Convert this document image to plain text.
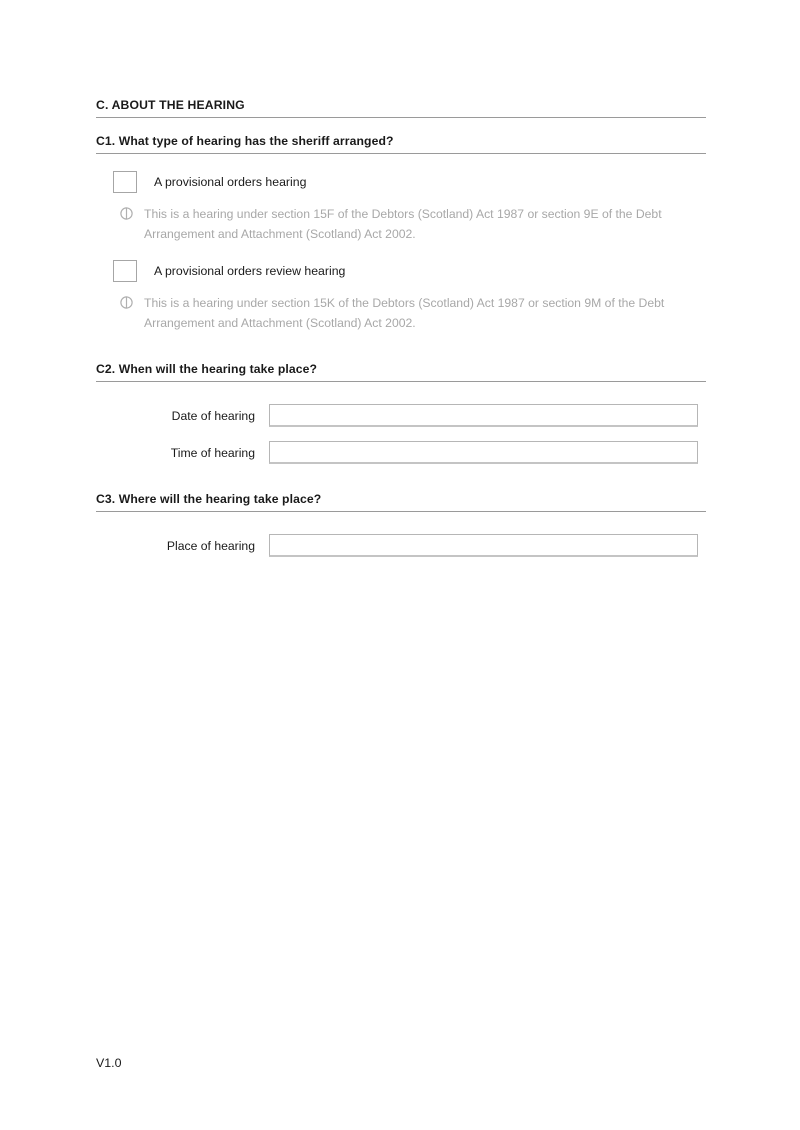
C. ABOUT THE HEARING
C1. What type of hearing has the sheriff arranged?
A provisional orders hearing
This is a hearing under section 15F of the Debtors (Scotland) Act 1987 or section 9E of the Debt Arrangement and Attachment (Scotland) Act 2002.
A provisional orders review hearing
This is a hearing under section 15K of the Debtors (Scotland) Act 1987 or section 9M of the Debt Arrangement and Attachment (Scotland) Act 2002.
C2. When will the hearing take place?
Date of hearing
Time of hearing
C3. Where will the hearing take place?
Place of hearing
V1.0
